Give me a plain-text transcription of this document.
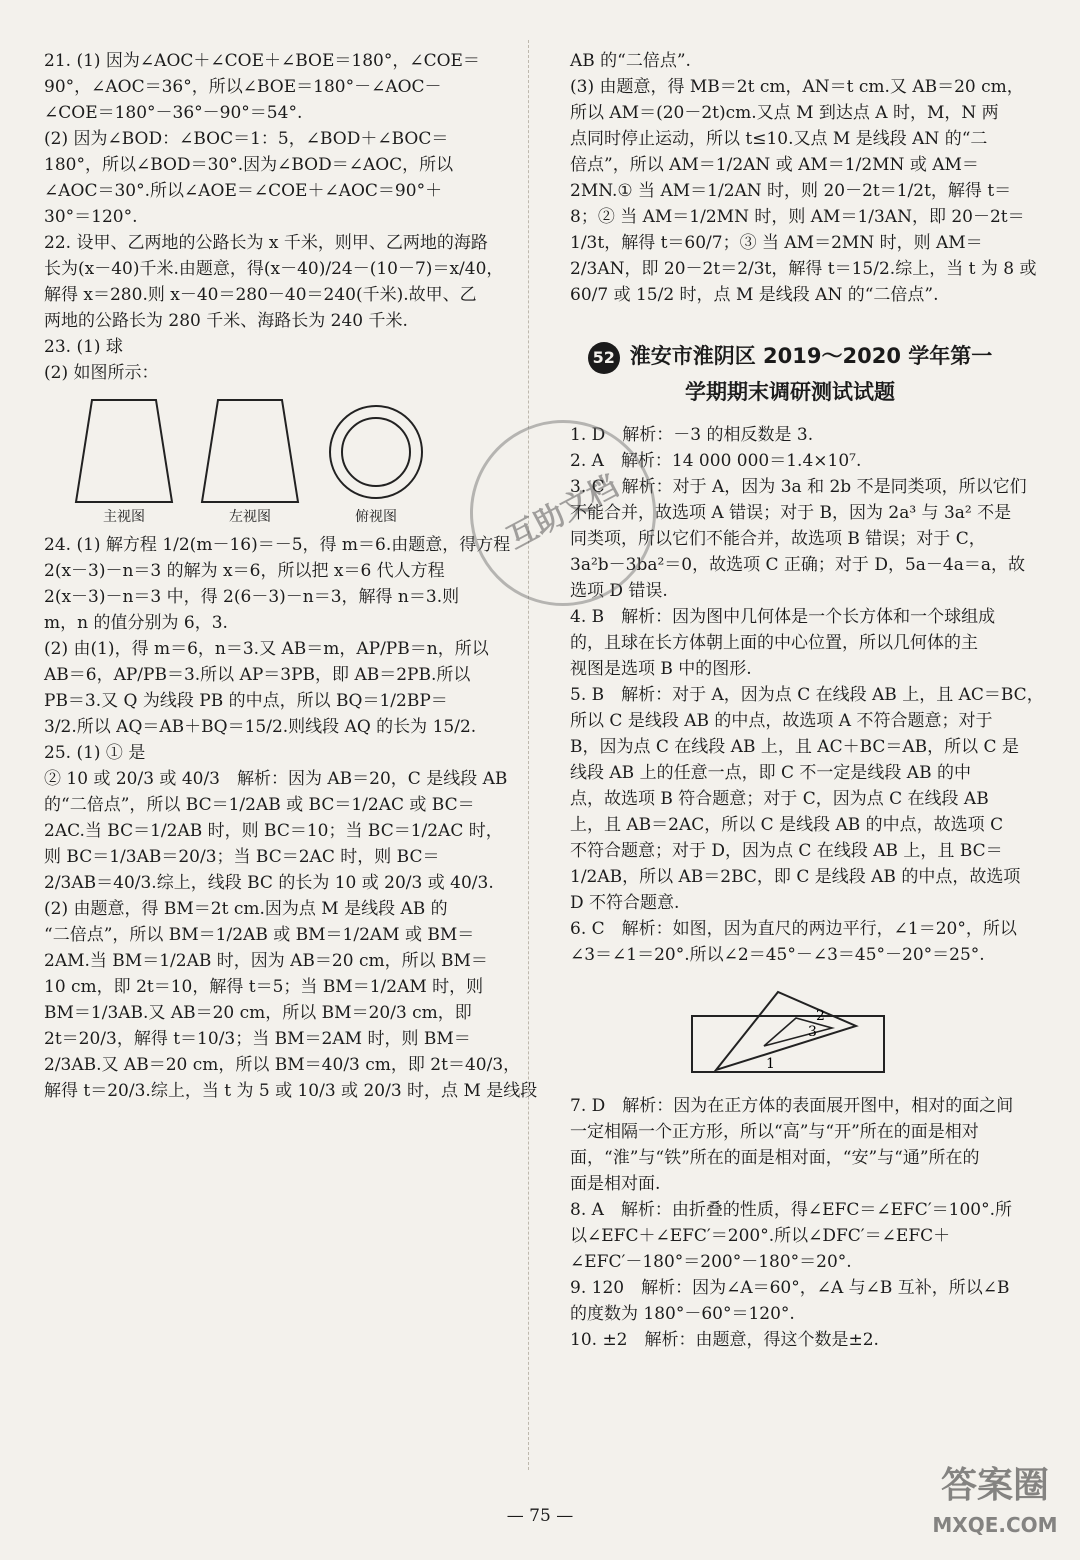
21. (1) 因为∠AOC＋∠COE＋∠BOE＝180°，∠COE＝
90°，∠AOC＝36°，所以∠BOE＝180°－∠AOC－
∠COE＝180°－36°－90°＝54°.
(2) 因为∠BOD：∠BOC＝1：5，∠BOD＋∠BOC＝
180°，所以∠BOD＝30°.因为∠BOD＝∠AOC，所以
∠AOC＝30°.所以∠AOE＝∠COE＋∠AOC＝90°＋
30°＝120°.
22. 设甲、乙两地的公路长为 x 千米，则甲、乙两地的海路
长为(x－40)千米.由题意，得(x－40)/24－(10－7)＝x/40，
解得 x＝280.则 x－40＝280－40＝240(千米).故甲、乙
两地的公路长为 280 千米、海路长为 240 千米.
23. (1) 球
(2) 如图所示：
主视图	左视图	俯视图
24. (1) 解方程 1/2(m－16)＝－5，得 m＝6.由题意，得方程
2(x－3)－n＝3 的解为 x＝6，所以把 x＝6 代人方程
2(x－3)－n＝3 中，得 2(6－3)－n＝3，解得 n＝3.则
m，n 的值分别为 6，3.
(2) 由(1)，得 m＝6，n＝3.又 AB＝m，AP/PB＝n，所以
AB＝6，AP/PB＝3.所以 AP＝3PB，即 AB＝2PB.所以
PB＝3.又 Q 为线段 PB 的中点，所以 BQ＝1/2BP＝
3/2.所以 AQ＝AB＋BQ＝15/2.则线段 AQ 的长为 15/2.
25. (1) ① 是
② 10 或 20/3 或 40/3　解析：因为 AB＝20，C 是线段 AB
的“二倍点”，所以 BC＝1/2AB 或 BC＝1/2AC 或 BC＝
2AC.当 BC＝1/2AB 时，则 BC＝10；当 BC＝1/2AC 时，
则 BC＝1/3AB＝20/3；当 BC＝2AC 时，则 BC＝
2/3AB＝40/3.综上，线段 BC 的长为 10 或 20/3 或 40/3.
(2) 由题意，得 BM＝2t cm.因为点 M 是线段 AB 的
“二倍点”，所以 BM＝1/2AB 或 BM＝1/2AM 或 BM＝
2AM.当 BM＝1/2AB 时，因为 AB＝20 cm，所以 BM＝
10 cm，即 2t＝10，解得 t＝5；当 BM＝1/2AM 时，则
BM＝1/3AB.又 AB＝20 cm，所以 BM＝20/3 cm，即
2t＝20/3，解得 t＝10/3；当 BM＝2AM 时，则 BM＝
2/3AB.又 AB＝20 cm，所以 BM＝40/3 cm，即 2t＝40/3，
解得 t＝20/3.综上，当 t 为 5 或 10/3 或 20/3 时，点 M 是线段
AB 的“二倍点”.
(3) 由题意，得 MB＝2t cm，AN＝t cm.又 AB＝20 cm，
所以 AM＝(20－2t)cm.又点 M 到达点 A 时，M，N 两
点同时停止运动，所以 t≤10.又点 M 是线段 AN 的“二
倍点”，所以 AM＝1/2AN 或 AM＝1/2MN 或 AM＝
2MN.① 当 AM＝1/2AN 时，则 20－2t＝1/2t，解得 t＝
8；② 当 AM＝1/2MN 时，则 AM＝1/3AN，即 20－2t＝
1/3t，解得 t＝60/7；③ 当 AM＝2MN 时，则 AM＝
2/3AN，即 20－2t＝2/3t，解得 t＝15/2.综上，当 t 为 8 或
60/7 或 15/2 时，点 M 是线段 AN 的“二倍点”.
52 淮安市淮阴区 2019～2020 学年第一
学期期末调研测试试题
1. D　解析：－3 的相反数是 3.
2. A　解析：14 000 000＝1.4×10⁷.
3. C　解析：对于 A，因为 3a 和 2b 不是同类项，所以它们
不能合并，故选项 A 错误；对于 B，因为 2a³ 与 3a² 不是
同类项，所以它们不能合并，故选项 B 错误；对于 C，
3a²b－3ba²＝0，故选项 C 正确；对于 D，5a－4a＝a，故
选项 D 错误.
4. B　解析：因为图中几何体是一个长方体和一个球组成
的，且球在长方体朝上面的中心位置，所以几何体的主
视图是选项 B 中的图形.
5. B　解析：对于 A，因为点 C 在线段 AB 上，且 AC＝BC，
所以 C 是线段 AB 的中点，故选项 A 不符合题意；对于
B，因为点 C 在线段 AB 上，且 AC＋BC＝AB，所以 C 是
线段 AB 上的任意一点，即 C 不一定是线段 AB 的中
点，故选项 B 符合题意；对于 C，因为点 C 在线段 AB
上，且 AB＝2AC，所以 C 是线段 AB 的中点，故选项 C
不符合题意；对于 D，因为点 C 在线段 AB 上，且 BC＝
1/2AB，所以 AB＝2BC，即 C 是线段 AB 的中点，故选项
D 不符合题意.
6. C　解析：如图，因为直尺的两边平行，∠1＝20°，所以
∠3＝∠1＝20°.所以∠2＝45°－∠3＝45°－20°＝25°.
1
2
3
7. D　解析：因为在正方体的表面展开图中，相对的面之间
一定相隔一个正方形，所以“高”与“开”所在的面是相对
面，“淮”与“铁”所在的面是相对面，“安”与“通”所在的
面是相对面.
8. A　解析：由折叠的性质，得∠EFC＝∠EFC′＝100°.所
以∠EFC＋∠EFC′＝200°.所以∠DFC′＝∠EFC＋
∠EFC′－180°＝200°－180°＝20°.
9. 120　解析：因为∠A＝60°，∠A 与∠B 互补，所以∠B
的度数为 180°－60°＝120°.
10. ±2　解析：由题意，得这个数是±2.
互助文档
— 75 —
答案圈
MXQE.COM
